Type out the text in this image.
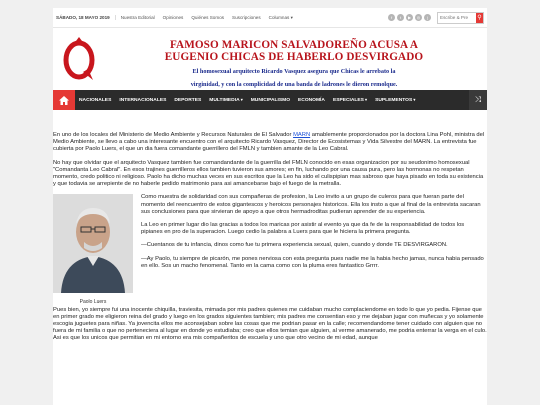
SÁBADO, 18 MAYO 2019	Nuestra Editorial Opiniones Quiénes Somos Suscripciones Columnas ▾	f	t	▶	◎	)
Escribe & Pre	⚲
FAMOSO MARICON SALVADOREÑO ACUSA A
EUGENIO CHICAS DE HABERLO DESVIRGADO
El homosexual arquitecto Ricardo Vasquez asegura que Chicas le arrebato la
virginidad, y con la complicidad de una banda de ladrones le dieron remolque.
NACIONALES	INTERNACIONALES	DEPORTES	MULTIMEDIA ▾	MUNICIPALISMO	ECONOMÍA	ESPECIALES ▾	SUPLEMENTOS ▾	⤨

En uno de los locales del Ministerio de Medio Ambiente y Recursos Naturales de El Salvador MARN amablemente proporcionados por la doctora Lina Pohl, ministra del Medio Ambiente, se llevo a cabo una interesante encuentro con el arquitecto Ricardo Vasquez, Director de Ecosistemas y Vida Silvestre del MARN. La entrevista fue cubierta por Paolo Luers, el que un dia fuera comandante guerrillero del FMLN y tambien amante de la Leo Cabral.

No hay que olvidar que el arquitecto Vasquez tambien fue comandandante de la guerrilla del FMLN conocido en esas organizacion por su seudonimo homosexual "Comandanta Leo Cabral". En esos trajines guerrilleros ellos tambien tuvieron sus amores; en fin, luchando por una causa pura, pero las hormonas no respetan momento, credo politico ni religioso. Paolo ha dicho muchas veces en sus escritos que la Leo ha sido el culispipian mas sabroso que haya pisado en toda su existencia y que todavia se arrepiente de no haberle pedido matrimonio para asi amancebarse bajo el fuego de la metralla.

Paolo Luers

Como muestra de solidaridad con sus compañeras de profesion, la Leo invito a un grupo de culeros para que fueran parte del momento del reencuentro de estos gigantescos y heroicos personajes historicos. Ella los insto a que al final de la entrevista sacaran sus conclusiones para que sirvieran de apoyo a que otros hermadroditas pudieran aprender de su experiencia.

La Leo en primer lugar dio las gracias a todos los maricas por asistir al evento ya que da fe de la responsabilidad de todos los pipianes en pro de la superacion. Luego cedio la palabra a Luers para que le hiciera la primera pregunta.

—Cuentanos de tu infancia, dinos como fue tu primera experiencia sexual, quien, cuando y donde TE DESVIRGARON.

—Ay Paolo, tu siempre de picarón, me pones nerviosa con esta pregunta pues nadie me la habia hecho jamas, nunca habia pensado en ello. Sos un macho fenomenal. Tanto en la cama como con la pluma eres fantastico Grrrr.

Pues bien, yo siempre fui una inocente chiquilla, traviesita, mimada por mis padres quienes me cuidaban mucho complaciendome en todo lo que yo pedia. Fijense que en primer grado me eligieron reina del grado y luego en los grados siguientes tambien; mis padres me consentian eso y me dejaban jugar con muñecas y yo solamente escogia juguetes para niñas. Ya jovencita ellos me aconsejaban sobre las cosas que me podrian pasar en la calle; recomendandome tener cuidado con alguien que no fuera de mi familia o que no perteneciera al lugar en donde yo estudiaba; creo que ellos temian que alguien, al verme amanerado, me podria enterrar la verga en el culo. Asi es que los unicos que permitian en mi entorno era mis compañeritos de escuela y uno que otro vecino de mi edad, aunque
